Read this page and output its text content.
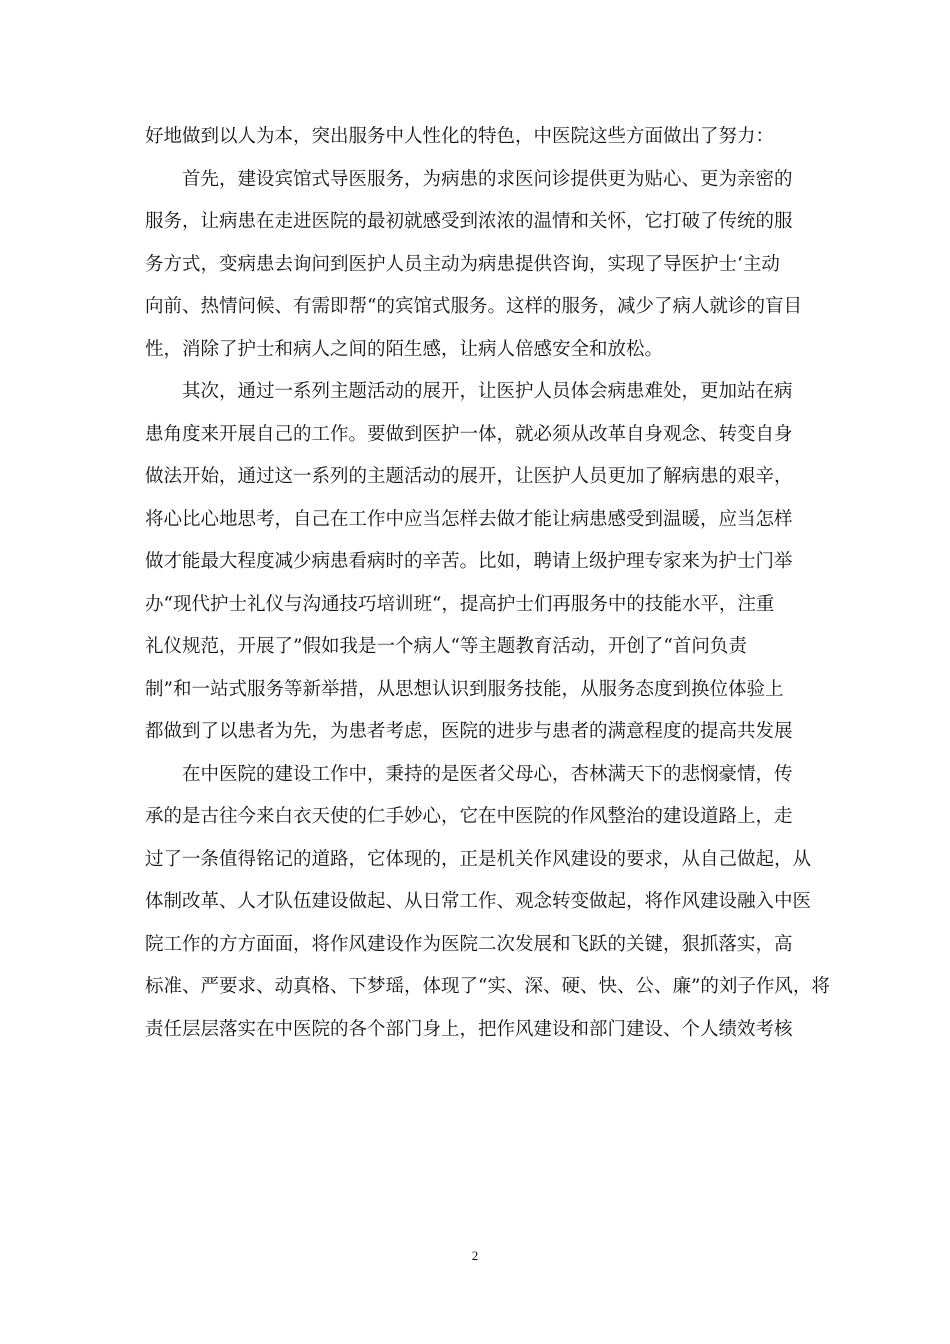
好地做到以人为本，突出服务中人性化的特色，中医院这些方面做出了努力：
　　首先，建设宾馆式导医服务，为病患的求医问诊提供更为贴心、更为亲密的
服务，让病患在走进医院的最初就感受到浓浓的温情和关怀，它打破了传统的服
务方式，变病患去询问到医护人员主动为病患提供咨询，实现了导医护士‘主动
向前、热情问候、有需即帮“的宾馆式服务。这样的服务，减少了病人就诊的盲目
性，消除了护士和病人之间的陌生感，让病人倍感安全和放松。
　　其次，通过一系列主题活动的展开，让医护人员体会病患难处，更加站在病
患角度来开展自己的工作。要做到医护一体，就必须从改革自身观念、转变自身
做法开始，通过这一系列的主题活动的展开，让医护人员更加了解病患的艰辛，
将心比心地思考，自己在工作中应当怎样去做才能让病患感受到温暖，应当怎样
做才能最大程度减少病患看病时的辛苦。比如，聘请上级护理专家来为护士门举
办“现代护士礼仪与沟通技巧培训班“，提高护士们再服务中的技能水平，注重
礼仪规范，开展了”假如我是一个病人“等主题教育活动，开创了“首问负责
制”和一站式服务等新举措，从思想认识到服务技能，从服务态度到换位体验上
都做到了以患者为先，为患者考虑，医院的进步与患者的满意程度的提高共发展
　　在中医院的建设工作中，秉持的是医者父母心，杏林满天下的悲悯豪情，传
承的是古往今来白衣天使的仁手妙心，它在中医院的作风整治的建设道路上，走
过了一条值得铭记的道路，它体现的，正是机关作风建设的要求，从自己做起，从
体制改革、人才队伍建设做起、从日常工作、观念转变做起，将作风建设融入中医
院工作的方方面面，将作风建设作为医院二次发展和飞跃的关键，狠抓落实，高
标准、严要求、动真格、下梦瑶，体现了“实、深、硬、快、公、廉”的刘子作风，将
责任层层落实在中医院的各个部门身上，把作风建设和部门建设、个人绩效考核
2
